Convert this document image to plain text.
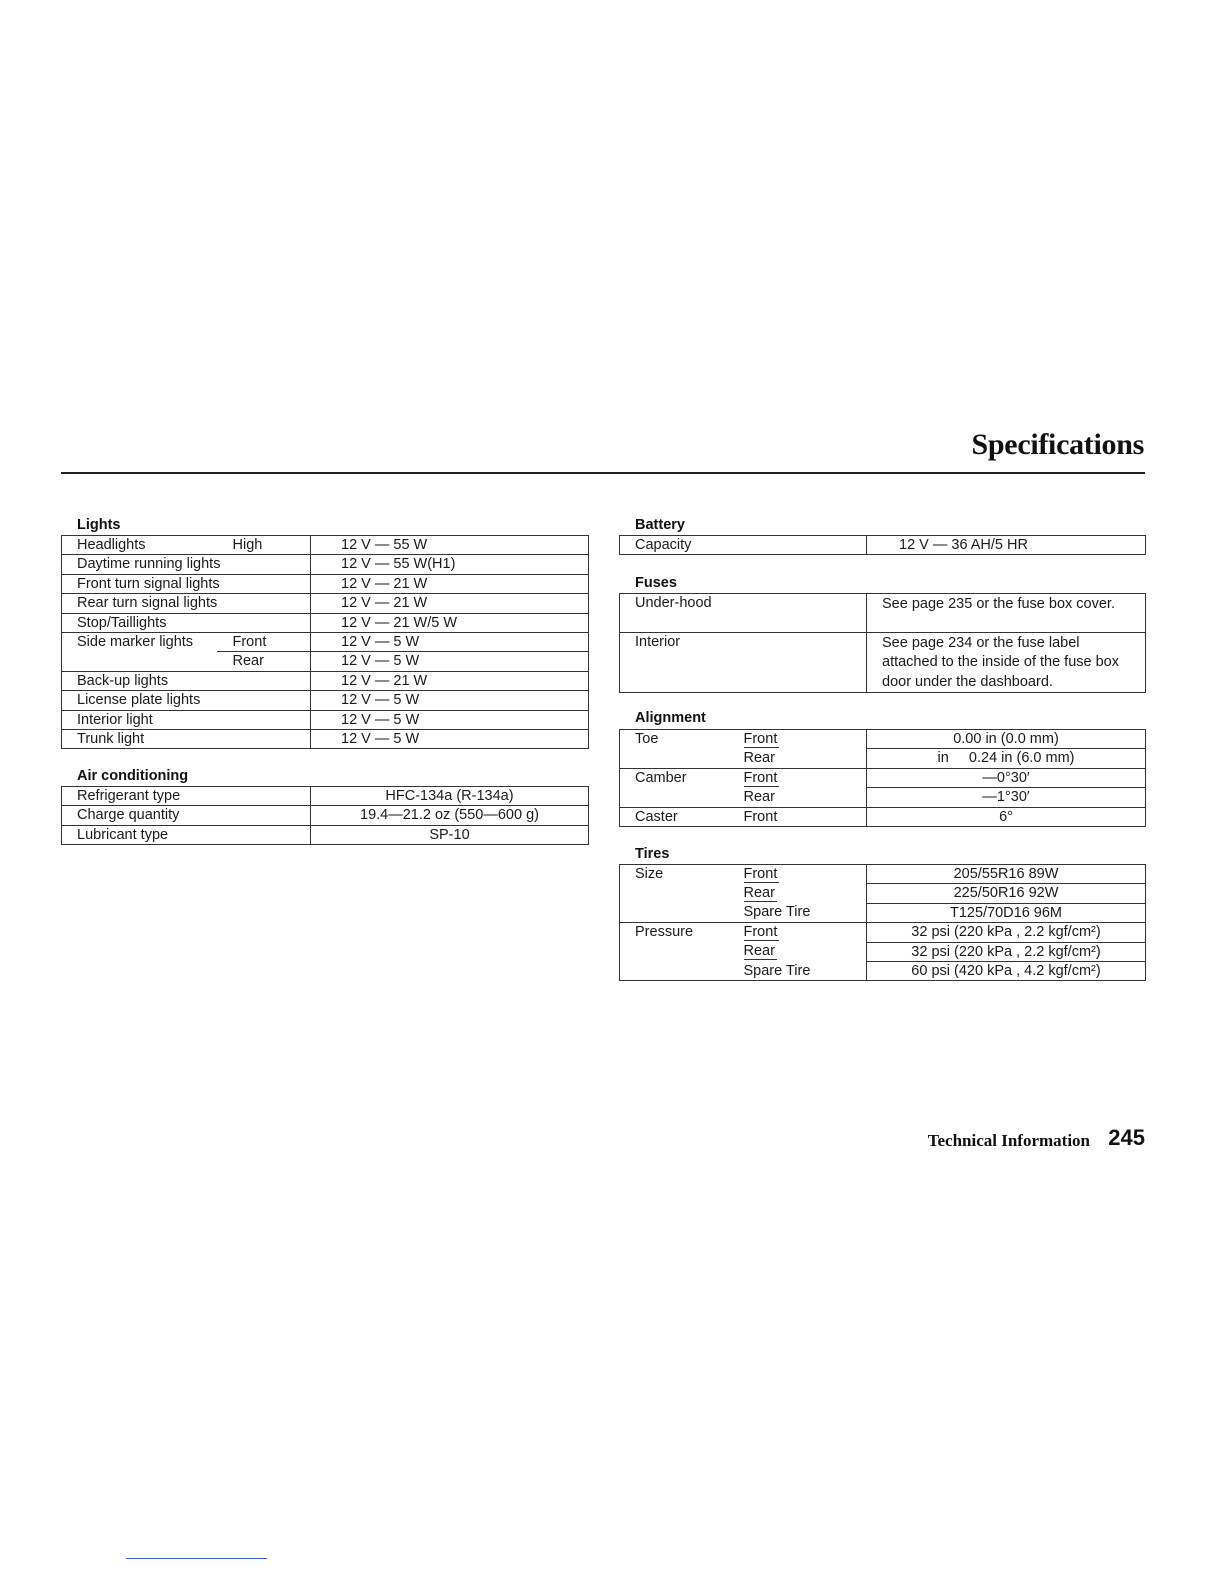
Specifications
Lights
Headlights	High	12 V — 55 W
Daytime running lights		12 V — 55 W(H1)
Front turn signal lights		12 V — 21 W
Rear turn signal lights		12 V — 21 W
Stop/Taillights		12 V — 21 W/5 W
Side marker lights	Front	12 V — 5 W
	Rear	12 V — 5 W
Back-up lights		12 V — 21 W
License plate lights		12 V — 5 W
Interior light		12 V — 5 W
Trunk light		12 V — 5 W
Air conditioning
Refrigerant type	HFC-134a (R-134a)
Charge quantity	19.4—21.2 oz (550—600 g)
Lubricant type	SP-10
Battery
Capacity	12 V — 36 AH/5 HR
Fuses
Under-hood	See page 235 or the fuse box cover.
Interior	See page 234 or the fuse label attached to the inside of the fuse box door under the dashboard.
Alignment
Toe	Front	0.00 in (0.0 mm)
	Rear	in     0.24 in (6.0 mm)
Camber	Front	—0°30′
	Rear	—1°30′
Caster	Front	6°
Tires
Size	Front	205/55R16 89W
	Rear	225/50R16 92W
	Spare Tire	T125/70D16 96M
Pressure	Front	32 psi (220 kPa , 2.2 kgf/cm²)
	Rear	32 psi (220 kPa , 2.2 kgf/cm²)
	Spare Tire	60 psi (420 kPa , 4.2 kgf/cm²)
Technical Information 245
